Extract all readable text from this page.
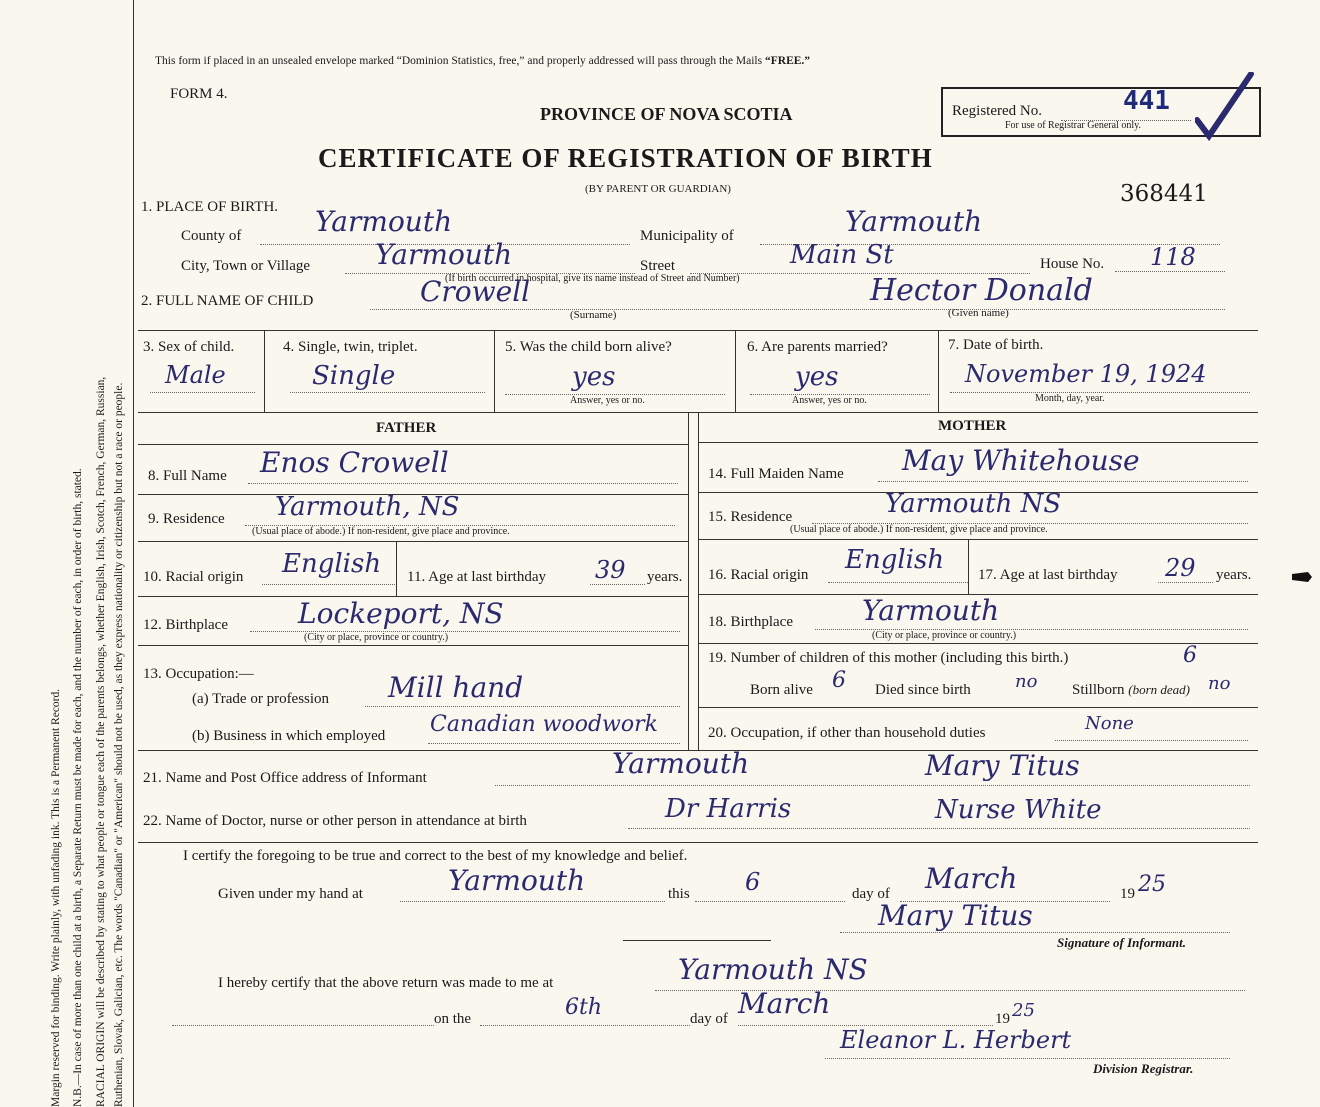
Margin reserved for binding. Write plainly, with unfading ink. This is a Permanent Record. N.B.—In case of more than one child at a birth, a Separate Return must be made for each, and the number of each, in order of birth, stated. RACIAL ORIGIN will be described by stating to what people or tongue each of the parents belongs, whether English, Irish, Scotch, French, German, Russian, Ruthenian, Slovak, Galician, etc. The words "Canadian" or "American" should not be used, as they express nationality or citizenship but not a race or people.
This form if placed in an unsealed envelope marked “Dominion Statistics, free,” and properly addressed will pass through the Mails “FREE.”
FORM 4.
PROVINCE OF NOVA SCOTIA	Registered No.	441
For use of Registrar General only.
CERTIFICATE OF REGISTRATION OF BIRTH
(BY PARENT OR GUARDIAN)	368441
1. PLACE OF BIRTH.
County of	Yarmouth	Municipality of	Yarmouth
City, Town or Village Yarmouth	Street	Main St	House No. 118
(If birth occurred in hospital, give its name instead of Street and Number)
2. FULL NAME OF CHILD	Crowell
(Surname)
Hector Donald
(Given name)
3. Sex of child.
Male
4. Single, twin, triplet.
Single
5. Was the child born alive?
yes
Answer, yes or no.
6. Are parents married?
yes
Answer, yes or no.
7. Date of birth.
November 19, 1924
Month, day, year.
FATHER	MOTHER
8. Full Name Enos Crowell
9. Residence Yarmouth, NS
(Usual place of abode.) If non-resident, give place and province.
10. Racial origin English 11. Age at last birthday 39 years.
12. Birthplace	Lockeport, NS
(City or place, province or country.)
13. Occupation:—
(a) Trade or profession Mill hand
(b) Business in which employed Canadian woodwork
14. Full Maiden Name May Whitehouse
15. Residence	Yarmouth NS
(Usual place of abode.) If non-resident, give place and province.
16. Racial origin English 17. Age at last birthday 29 years.
18. Birthplace Yarmouth
(City or place, province or country.)
19. Number of children of this mother (including this birth.)	6
Born alive 6 Died since birth no Stillborn (born dead) no
20. Occupation, if other than household duties	None
21. Name and Post Office address of Informant	Yarmouth	Mary Titus
22. Name of Doctor, nurse or other person in attendance at birth	Dr Harris	Nurse White
I certify the foregoing to be true and correct to the best of my knowledge and belief.
Given under my hand at	Yarmouth	this 6	day of March	19 25
Mary Titus
Signature of Informant.
I hereby certify that the above return was made to me at	Yarmouth NS
on the	6th	day of March	19 25
Eleanor L. Herbert
Division Registrar.
